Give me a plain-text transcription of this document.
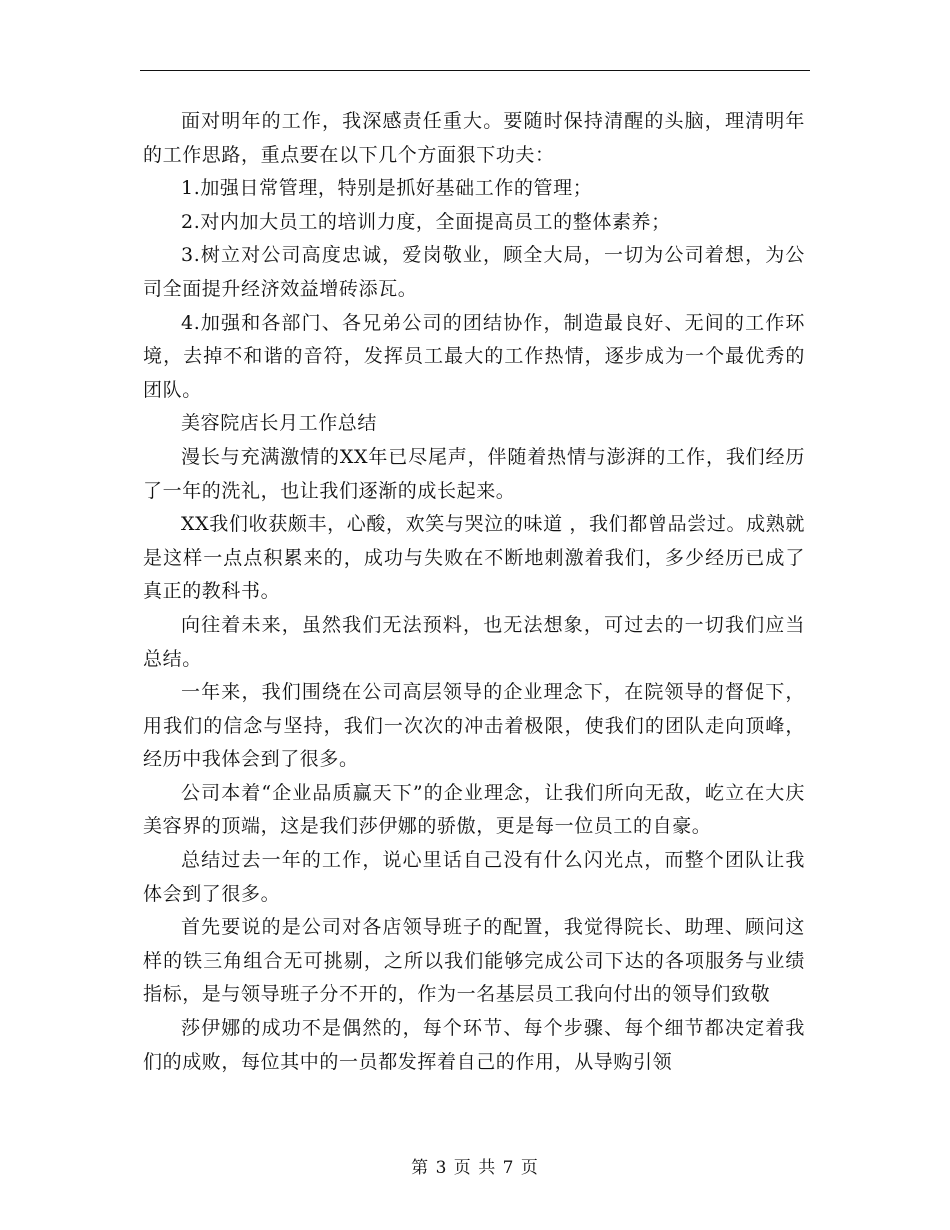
面对明年的工作，我深感责任重大。要随时保持清醒的头脑，理清明年的工作思路，重点要在以下几个方面狠下功夫：

1.加强日常管理，特别是抓好基础工作的管理；

2.对内加大员工的培训力度，全面提高员工的整体素养；

3.树立对公司高度忠诚，爱岗敬业，顾全大局，一切为公司着想，为公司全面提升经济效益增砖添瓦。

4.加强和各部门、各兄弟公司的团结协作，制造最良好、无间的工作环境，去掉不和谐的音符，发挥员工最大的工作热情，逐步成为一个最优秀的团队。

美容院店长月工作总结

漫长与充满激情的XX年已尽尾声，伴随着热情与澎湃的工作，我们经历了一年的洗礼，也让我们逐渐的成长起来。

XX我们收获颇丰，心酸，欢笑与哭泣的味道 ，我们都曾品尝过。成熟就是这样一点点积累来的，成功与失败在不断地刺激着我们，多少经历已成了真正的教科书。

向往着未来，虽然我们无法预料，也无法想象，可过去的一切我们应当总结。

一年来，我们围绕在公司高层领导的企业理念下，在院领导的督促下，用我们的信念与坚持，我们一次次的冲击着极限，使我们的团队走向顶峰，经历中我体会到了很多。

公司本着“企业品质赢天下”的企业理念，让我们所向无敌，屹立在大庆美容界的顶端，这是我们莎伊娜的骄傲，更是每一位员工的自豪。

总结过去一年的工作，说心里话自己没有什么闪光点，而整个团队让我体会到了很多。

首先要说的是公司对各店领导班子的配置，我觉得院长、助理、顾问这样的铁三角组合无可挑剔，之所以我们能够完成公司下达的各项服务与业绩指标，是与领导班子分不开的，作为一名基层员工我向付出的领导们致敬

莎伊娜的成功不是偶然的，每个环节、每个步骤、每个细节都决定着我们的成败，每位其中的一员都发挥着自己的作用，从导购引领

第 3 页 共 7 页
